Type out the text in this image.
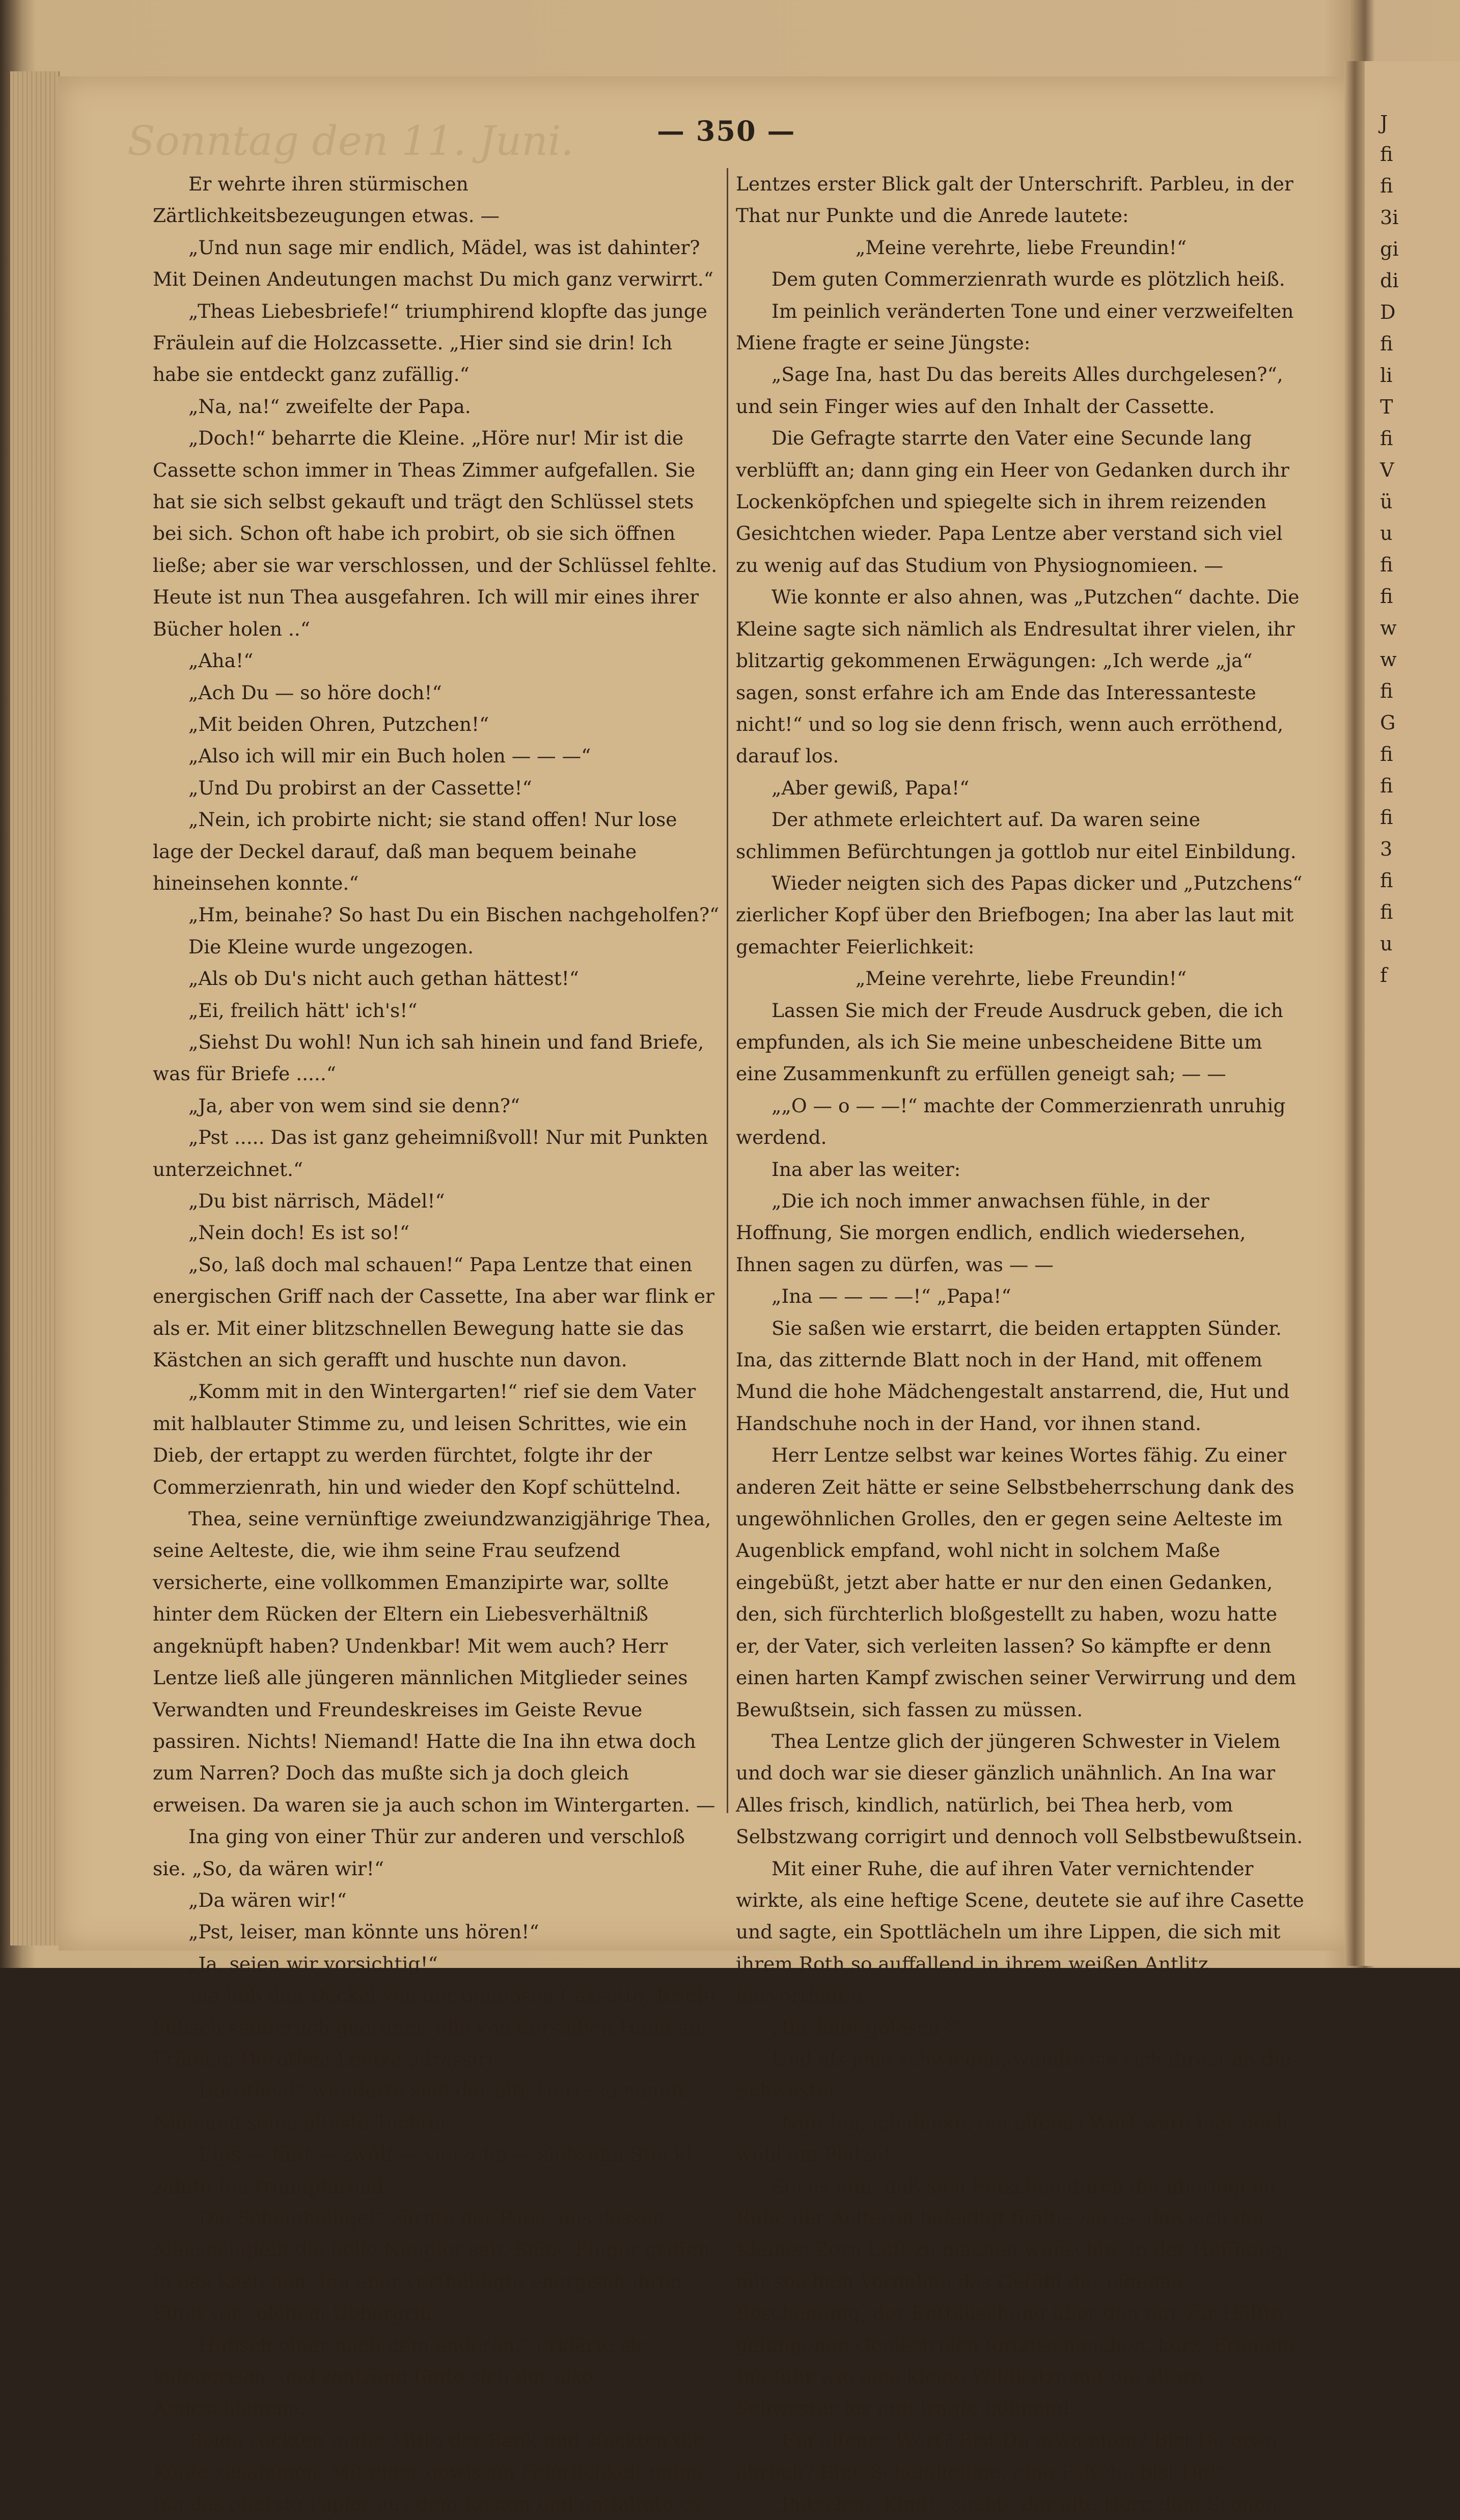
Sonntag den 11. Juni.	— 350 —

Er wehrte ihren stürmischen Zärtlichkeitsbezeugungen etwas. —

„Und nun sage mir endlich, Mädel, was ist dahinter? Mit Deinen Andeutungen machst Du mich ganz verwirrt.“

„Theas Liebesbriefe!“ triumphirend klopfte das junge Fräulein auf die Holzcassette. „Hier sind sie drin! Ich habe sie entdeckt ganz zufällig.“

„Na, na!“ zweifelte der Papa.

„Doch!“ beharrte die Kleine. „Höre nur! Mir ist die Cassette schon immer in Theas Zimmer aufgefallen. Sie hat sie sich selbst gekauft und trägt den Schlüssel stets bei sich. Schon oft habe ich probirt, ob sie sich öffnen ließe; aber sie war verschlossen, und der Schlüssel fehlte. Heute ist nun Thea ausgefahren. Ich will mir eines ihrer Bücher holen ..“

„Aha!“

„Ach Du — so höre doch!“

„Mit beiden Ohren, Putzchen!“

„Also ich will mir ein Buch holen — — —“

„Und Du probirst an der Cassette!“

„Nein, ich probirte nicht; sie stand offen! Nur lose lage der Deckel darauf, daß man bequem beinahe hineinsehen konnte.“

„Hm, beinahe? So hast Du ein Bischen nachgeholfen?“

Die Kleine wurde ungezogen.

„Als ob Du's nicht auch gethan hättest!“

„Ei, freilich hätt' ich's!“

„Siehst Du wohl! Nun ich sah hinein und fand Briefe, was für Briefe .....“

„Ja, aber von wem sind sie denn?“

„Pst ..... Das ist ganz geheimnißvoll! Nur mit Punkten unterzeichnet.“

„Du bist närrisch, Mädel!“

„Nein doch! Es ist so!“

„So, laß doch mal schauen!“ Papa Lentze that einen energischen Griff nach der Cassette, Ina aber war flink er als er. Mit einer blitzschnellen Bewegung hatte sie das Kästchen an sich gerafft und huschte nun davon.

„Komm mit in den Wintergarten!“ rief sie dem Vater mit halblauter Stimme zu, und leisen Schrittes, wie ein Dieb, der ertappt zu werden fürchtet, folgte ihr der Commerzienrath, hin und wieder den Kopf schüttelnd.

Thea, seine vernünftige zweiundzwanzigjährige Thea, seine Aelteste, die, wie ihm seine Frau seufzend versicherte, eine vollkommen Emanzipirte war, sollte hinter dem Rücken der Eltern ein Liebesverhältniß angeknüpft haben? Undenkbar! Mit wem auch? Herr Lentze ließ alle jüngeren männlichen Mitglieder seines Verwandten und Freundeskreises im Geiste Revue passiren. Nichts! Niemand! Hatte die Ina ihn etwa doch zum Narren? Doch das mußte sich ja doch gleich erweisen. Da waren sie ja auch schon im Wintergarten. —

Ina ging von einer Thür zur anderen und verschloß sie. „So, da wären wir!“

„Da wären wir!“

„Pst, leiser, man könnte uns hören!“

„Ja, seien wir vorsichtig!“

Ina hob den Deckel von der ominösen Cassette. Briefe, hübsch säuberlich geordnet, alle von derselben Hand an Fräulein Dorothea Lentze adressirt.

„Dorothea!“ wunderte sich der alte Herr; so nannte Niemand seine älteste Tochter.

„Eins — fünf — zwölf — vierzehn — siebzehn Stück!“ zählte Ina triumphirend.

„Die Scheinheilige!“ zürnte der Papa, aus dessen Mäuseäuglein die helle Neugier sah. Seine Finger griffen in das Kästchen, Ina aber vertheidigte energisch ihren Fund vor solchem Uebergriff.

„Hübsch einer nach dem anderen,“ erklärte sie kategorisch, und seufzend fügte sich der also Abgeschlagene.

Beide rückten in die Mitte der Bank und steckten die Köpfe zusammen. Mit einer gewissen Feierlichkeit nahm Ina das oberste Papier aus dem Kasten und entfaltete es.

Lentzes erster Blick galt der Unterschrift. Parbleu, in der That nur Punkte und die Anrede lautete:

„Meine verehrte, liebe Freundin!“

Dem guten Commerzienrath wurde es plötzlich heiß.

Im peinlich veränderten Tone und einer verzweifelten Miene fragte er seine Jüngste:

„Sage Ina, hast Du das bereits Alles durchgelesen?“, und sein Finger wies auf den Inhalt der Cassette.

Die Gefragte starrte den Vater eine Secunde lang verblüfft an; dann ging ein Heer von Gedanken durch ihr Lockenköpfchen und spiegelte sich in ihrem reizenden Gesichtchen wieder. Papa Lentze aber verstand sich viel zu wenig auf das Studium von Physiognomieen. —

Wie konnte er also ahnen, was „Putzchen“ dachte. Die Kleine sagte sich nämlich als Endresultat ihrer vielen, ihr blitzartig gekommenen Erwägungen: „Ich werde „ja“ sagen, sonst erfahre ich am Ende das Interessanteste nicht!“ und so log sie denn frisch, wenn auch erröthend, darauf los.

„Aber gewiß, Papa!“

Der athmete erleichtert auf. Da waren seine schlimmen Befürchtungen ja gottlob nur eitel Einbildung.

Wieder neigten sich des Papas dicker und „Putzchens“ zierlicher Kopf über den Briefbogen; Ina aber las laut mit gemachter Feierlichkeit:

„Meine verehrte, liebe Freundin!“

Lassen Sie mich der Freude Ausdruck geben, die ich empfunden, als ich Sie meine unbescheidene Bitte um eine Zusammenkunft zu erfüllen geneigt sah; — —

„„O — o — —!“ machte der Commerzienrath unruhig werdend.

Ina aber las weiter:

„Die ich noch immer anwachsen fühle, in der Hoffnung, Sie morgen endlich, endlich wiedersehen, Ihnen sagen zu dürfen, was — —

„Ina — — — —!“ „Papa!“

Sie saßen wie erstarrt, die beiden ertappten Sünder. Ina, das zitternde Blatt noch in der Hand, mit offenem Mund die hohe Mädchengestalt anstarrend, die, Hut und Handschuhe noch in der Hand, vor ihnen stand.

Herr Lentze selbst war keines Wortes fähig. Zu einer anderen Zeit hätte er seine Selbstbeherrschung dank des ungewöhnlichen Grolles, den er gegen seine Aelteste im Augenblick empfand, wohl nicht in solchem Maße eingebüßt, jetzt aber hatte er nur den einen Gedanken, den, sich fürchterlich bloßgestellt zu haben, wozu hatte er, der Vater, sich verleiten lassen? So kämpfte er denn einen harten Kampf zwischen seiner Verwirrung und dem Bewußtsein, sich fassen zu müssen.

Thea Lentze glich der jüngeren Schwester in Vielem und doch war sie dieser gänzlich unähnlich. An Ina war Alles frisch, kindlich, natürlich, bei Thea herb, vom Selbstzwang corrigirt und dennoch voll Selbstbewußtsein.

Mit einer Ruhe, die auf ihren Vater vernichtender wirkte, als eine heftige Scene, deutete sie auf ihre Casette und sagte, ein Spottlächeln um ihre Lippen, die sich mit ihrem Roth so auffallend in ihrem weißen Antlitz hervorthaten:

„Ihr habt gelesen?“

Und als jene schwiegen, wandte sie sich direct an die Schwester.

„Nun Ina, ich denke, ein offenes Wort wäre hier doch wohl am Platze!“

Sei es nun, daß sich Putzchen durch die überlegene Ruhe der Aelteren beleidigt fühlte, sei es, daß sich der Kleinen Zorn Luft zu machen wünschte, in der Hoffnung, mit solchem Vorgehen das Gefühl der eigenen Beschämung, der Enttäuschung über den nur zur Hälfte gelungenen Geniestreich fortzuscheuchen, kurz, Fräulein Ina fuhr wie eine kleine Wildkatze auf die ältere Schwester los und fragte höhnend:

„Ein offenes Wort? Bist Du etwa offen? Bist Du etwa ehrlich? Eine Scheinheilige, eine Falsche bist Du!“

„Putzchen, Kind!“ suchte der alte Herr, dem Scenen

J
fi
fi
3i
gi
di
D
fi
li
T
fi
V
ü
u
fi
fi
w
w
fi
G
fi
fi
fi
3
fi
fi
u
f
